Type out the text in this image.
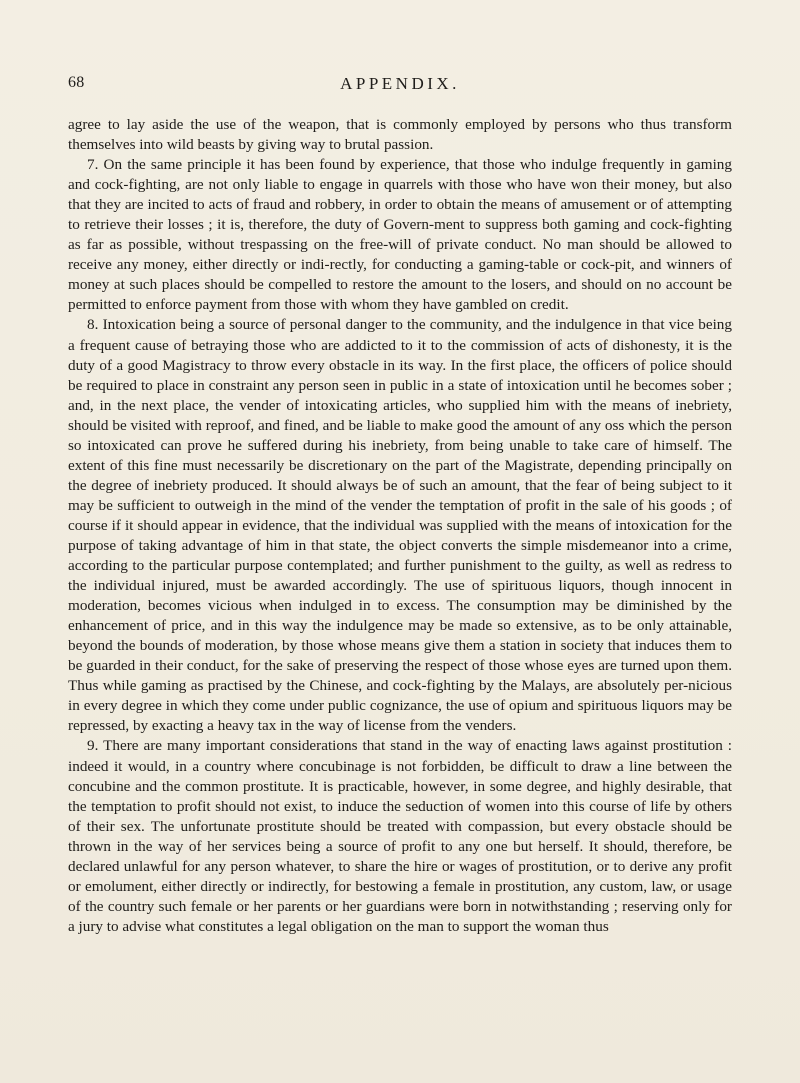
68	APPENDIX.

agree to lay aside the use of the weapon, that is commonly employed by persons who thus transform themselves into wild beasts by giving way to brutal passion.

7. On the same principle it has been found by experience, that those who indulge frequently in gaming and cock-fighting, are not only liable to engage in quarrels with those who have won their money, but also that they are incited to acts of fraud and robbery, in order to obtain the means of amusement or of attempting to retrieve their losses ; it is, therefore, the duty of Govern-ment to suppress both gaming and cock-fighting as far as possible, without trespassing on the free-will of private conduct. No man should be allowed to receive any money, either directly or indi-rectly, for conducting a gaming-table or cock-pit, and winners of money at such places should be compelled to restore the amount to the losers, and should on no account be permitted to enforce payment from those with whom they have gambled on credit.

8. Intoxication being a source of personal danger to the community, and the indulgence in that vice being a frequent cause of betraying those who are addicted to it to the commission of acts of dishonesty, it is the duty of a good Magistracy to throw every obstacle in its way. In the first place, the officers of police should be required to place in constraint any person seen in public in a state of intoxication until he becomes sober ; and, in the next place, the vender of intoxicating articles, who supplied him with the means of inebriety, should be visited with reproof, and fined, and be liable to make good the amount of any oss which the person so intoxicated can prove he suffered during his inebriety, from being unable to take care of himself. The extent of this fine must necessarily be discretionary on the part of the Magistrate, depending principally on the degree of inebriety produced. It should always be of such an amount, that the fear of being subject to it may be sufficient to outweigh in the mind of the vender the temptation of profit in the sale of his goods ; of course if it should appear in evidence, that the individual was supplied with the means of intoxication for the purpose of taking advantage of him in that state, the object converts the simple misdemeanor into a crime, according to the particular purpose contemplated; and further punishment to the guilty, as well as redress to the individual injured, must be awarded accordingly. The use of spirituous liquors, though innocent in moderation, becomes vicious when indulged in to excess. The consumption may be diminished by the enhancement of price, and in this way the indulgence may be made so extensive, as to be only attainable, beyond the bounds of moderation, by those whose means give them a station in society that induces them to be guarded in their conduct, for the sake of preserving the respect of those whose eyes are turned upon them. Thus while gaming as practised by the Chinese, and cock-fighting by the Malays, are absolutely per-nicious in every degree in which they come under public cognizance, the use of opium and spirituous liquors may be repressed, by exacting a heavy tax in the way of license from the venders.

9. There are many important considerations that stand in the way of enacting laws against prostitution : indeed it would, in a country where concubinage is not forbidden, be difficult to draw a line between the concubine and the common prostitute. It is practicable, however, in some degree, and highly desirable, that the temptation to profit should not exist, to induce the seduction of women into this course of life by others of their sex. The unfortunate prostitute should be treated with compassion, but every obstacle should be thrown in the way of her services being a source of profit to any one but herself. It should, therefore, be declared unlawful for any person whatever, to share the hire or wages of prostitution, or to derive any profit or emolument, either directly or indirectly, for bestowing a female in prostitution, any custom, law, or usage of the country such female or her parents or her guardians were born in notwithstanding ; reserving only for a jury to advise what constitutes a legal obligation on the man to support the woman thus
